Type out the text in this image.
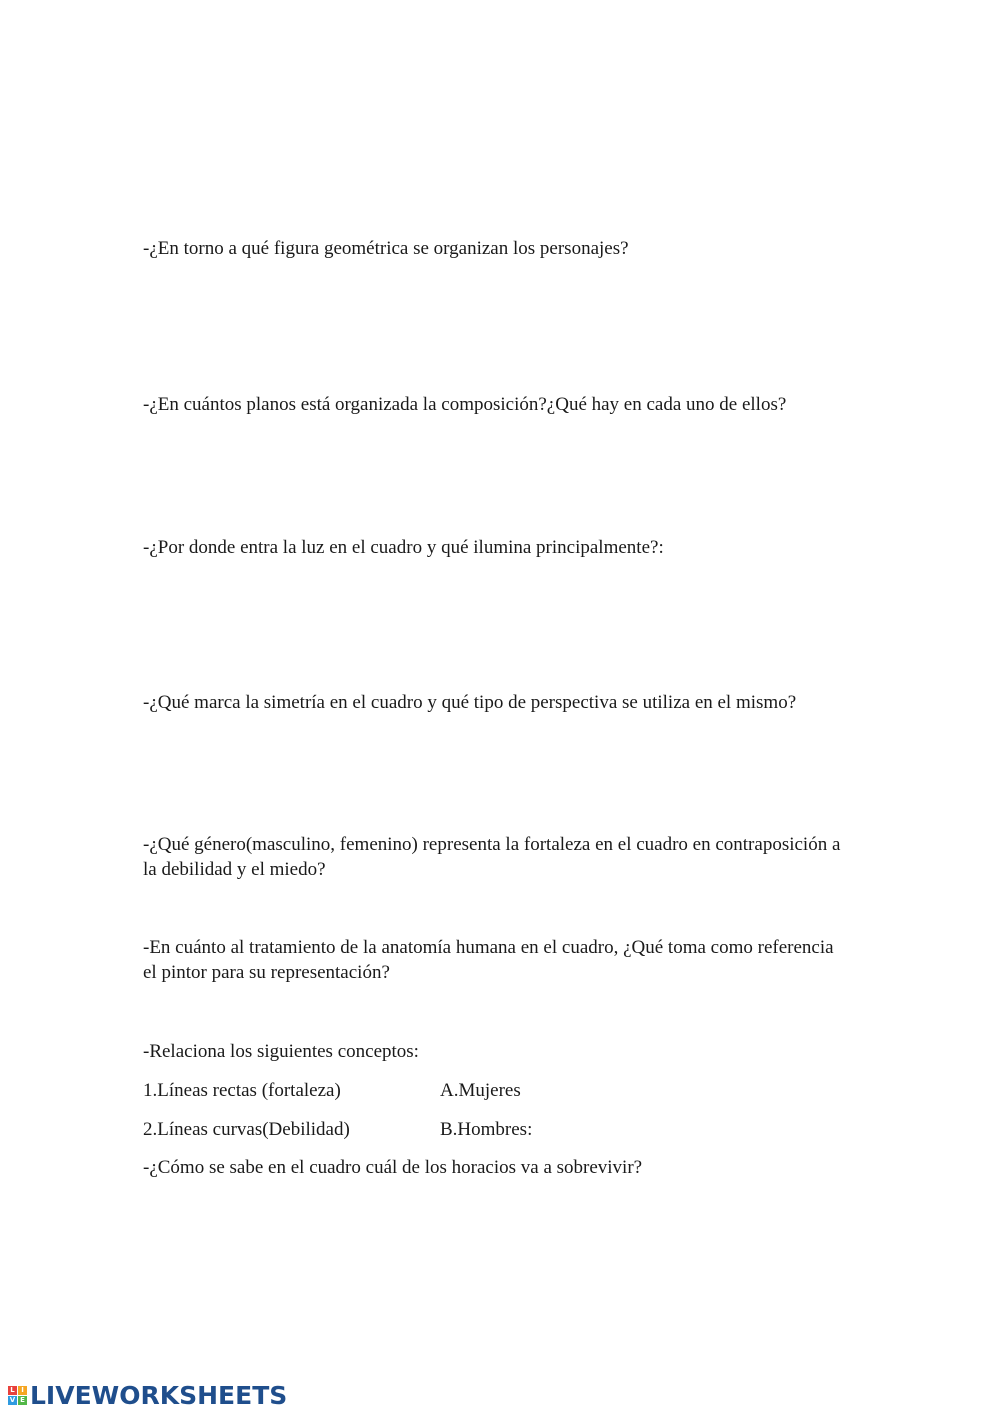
-¿En torno a qué figura geométrica se organizan los personajes?
-¿En cuántos planos está organizada la composición?¿Qué hay en cada uno de ellos?
-¿Por donde entra la luz en el cuadro y qué ilumina principalmente?:
-¿Qué marca la simetría en el cuadro y qué tipo de perspectiva se utiliza en el mismo?
-¿Qué género(masculino, femenino) representa la fortaleza en el cuadro en contraposición a la debilidad y el miedo?
-En cuánto al tratamiento de la anatomía humana en el cuadro, ¿Qué toma como referencia el pintor para su representación?
-Relaciona los siguientes conceptos:
1.Líneas rectas (fortaleza)	A.Mujeres
2.Líneas curvas(Debilidad)	B.Hombres:
-¿Cómo se sabe en el cuadro cuál de los horacios va a sobrevivir?
L I
V E LIVEWORKSHEETS
